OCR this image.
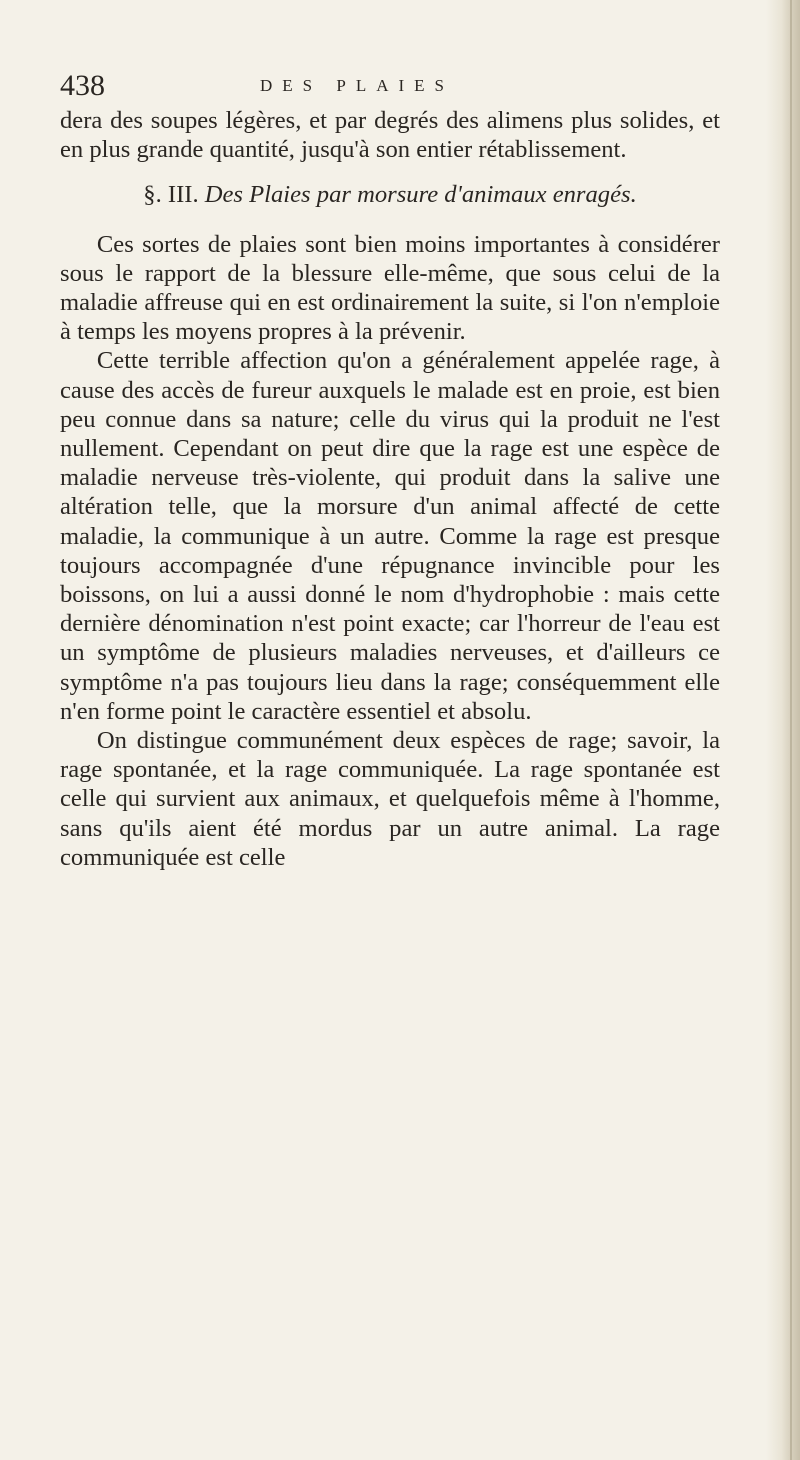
438	DES PLAIES

dera des soupes légères, et par degrés des alimens plus solides, et en plus grande quantité, jusqu'à son entier rétablissement.

§. III. Des Plaies par morsure d'animaux enragés.

Ces sortes de plaies sont bien moins importantes à considérer sous le rapport de la blessure elle-même, que sous celui de la maladie affreuse qui en est ordinairement la suite, si l'on n'emploie à temps les moyens propres à la prévenir.

Cette terrible affection qu'on a généralement appelée rage, à cause des accès de fureur auxquels le malade est en proie, est bien peu connue dans sa nature; celle du virus qui la produit ne l'est nullement. Cependant on peut dire que la rage est une espèce de maladie nerveuse très-violente, qui produit dans la salive une altération telle, que la morsure d'un animal affecté de cette maladie, la communique à un autre. Comme la rage est presque toujours accompagnée d'une répugnance invincible pour les boissons, on lui a aussi donné le nom d'hydrophobie : mais cette dernière dénomination n'est point exacte; car l'horreur de l'eau est un symptôme de plusieurs maladies nerveuses, et d'ailleurs ce symptôme n'a pas toujours lieu dans la rage; conséquemment elle n'en forme point le caractère essentiel et absolu.

On distingue communément deux espèces de rage; savoir, la rage spontanée, et la rage communiquée. La rage spontanée est celle qui survient aux animaux, et quelquefois même à l'homme, sans qu'ils aient été mordus par un autre animal. La rage communiquée est celle
